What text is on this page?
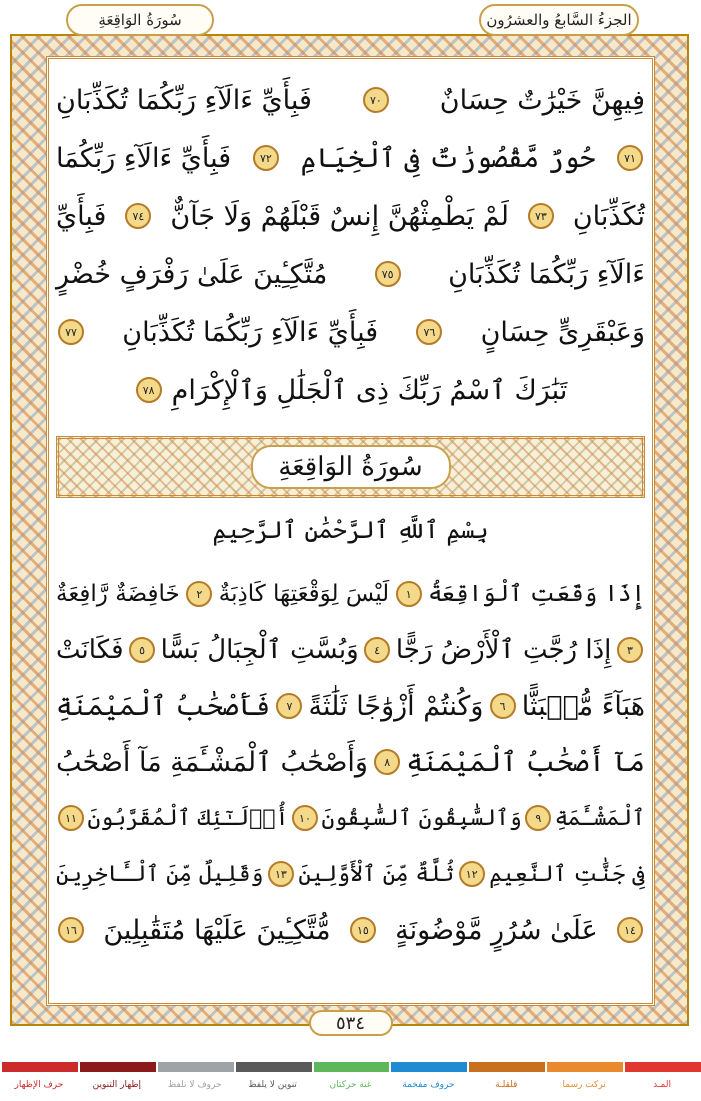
الجزءُ السَّابعُ والعشرُون
سُورَةُ الوَاقِعَةِ
فِيهِنَّ خَيْرَٰتٌ حِسَانٌ
٧٠
فَبِأَيِّ ءَالَآءِ رَبِّكُمَا تُكَذِّبَانِ
٧١
حُورٌ مَّقْصُورَٰتٌ فِى ٱلْخِيَامِ
٧٢
فَبِأَيِّ ءَالَآءِ رَبِّكُمَا
تُكَذِّبَانِ
٧٣
لَمْ يَطْمِثْهُنَّ إِنسٌ قَبْلَهُمْ وَلَا جَآنٌّ
٧٤
فَبِأَيِّ
ءَالَآءِ رَبِّكُمَا تُكَذِّبَانِ
٧٥
مُتَّكِـِٔينَ عَلَىٰ رَفْرَفٍ خُضْرٍ
وَعَبْقَرِىٍّ حِسَانٍ
٧٦
فَبِأَيِّ ءَالَآءِ رَبِّكُمَا تُكَذِّبَانِ
٧٧
تَبَٰرَكَ ٱسْمُ رَبِّكَ ذِى ٱلْجَلَٰلِ وَٱلْإِكْرَامِ
٧٨
سُورَةُ الوَاقِعَةِ
بِسْمِ ٱللَّهِ ٱلرَّحْمَٰنِ ٱلرَّحِيمِ
إِذَا وَقَعَتِ ٱلْوَاقِعَةُ
١
لَيْسَ لِوَقْعَتِهَا كَاذِبَةٌ
٢
خَافِضَةٌ رَّافِعَةٌ
٣
إِذَا رُجَّتِ ٱلْأَرْضُ رَجًّا
٤
وَبُسَّتِ ٱلْجِبَالُ بَسًّا
٥
فَكَانَتْ
هَبَآءً مُّنۢبَثًّا
٦
وَكُنتُمْ أَزْوَٰجًا ثَلَٰثَةً
٧
فَأَصْحَٰبُ ٱلْمَيْمَنَةِ
مَآ أَصْحَٰبُ ٱلْمَيْمَنَةِ
٨
وَأَصْحَٰبُ ٱلْمَشْـَٔمَةِ مَآ أَصْحَٰبُ
ٱلْمَشْـَٔمَةِ
٩
وَٱلسَّٰبِقُونَ ٱلسَّٰبِقُونَ
١٠
أُو۟لَـٰٓئِكَ ٱلْمُقَرَّبُونَ
١١
فِى جَنَّٰتِ ٱلنَّعِيمِ
١٢
ثُلَّةٌ مِّنَ ٱلْأَوَّلِينَ
١٣
وَقَلِيلٌ مِّنَ ٱلْـَٔاخِرِينَ
١٤
عَلَىٰ سُرُرٍ مَّوْضُونَةٍ
١٥
مُّتَّكِـِٔينَ عَلَيْهَا مُتَقَٰبِلِينَ
١٦
٥٣٤
المـد
تركت رسما
قلقلـة
حروف مفخمة
غنة حركتان
تنوين لا يلفظ
حروف لا تلفظ
إظهار التنوين
حرف الإظهار
